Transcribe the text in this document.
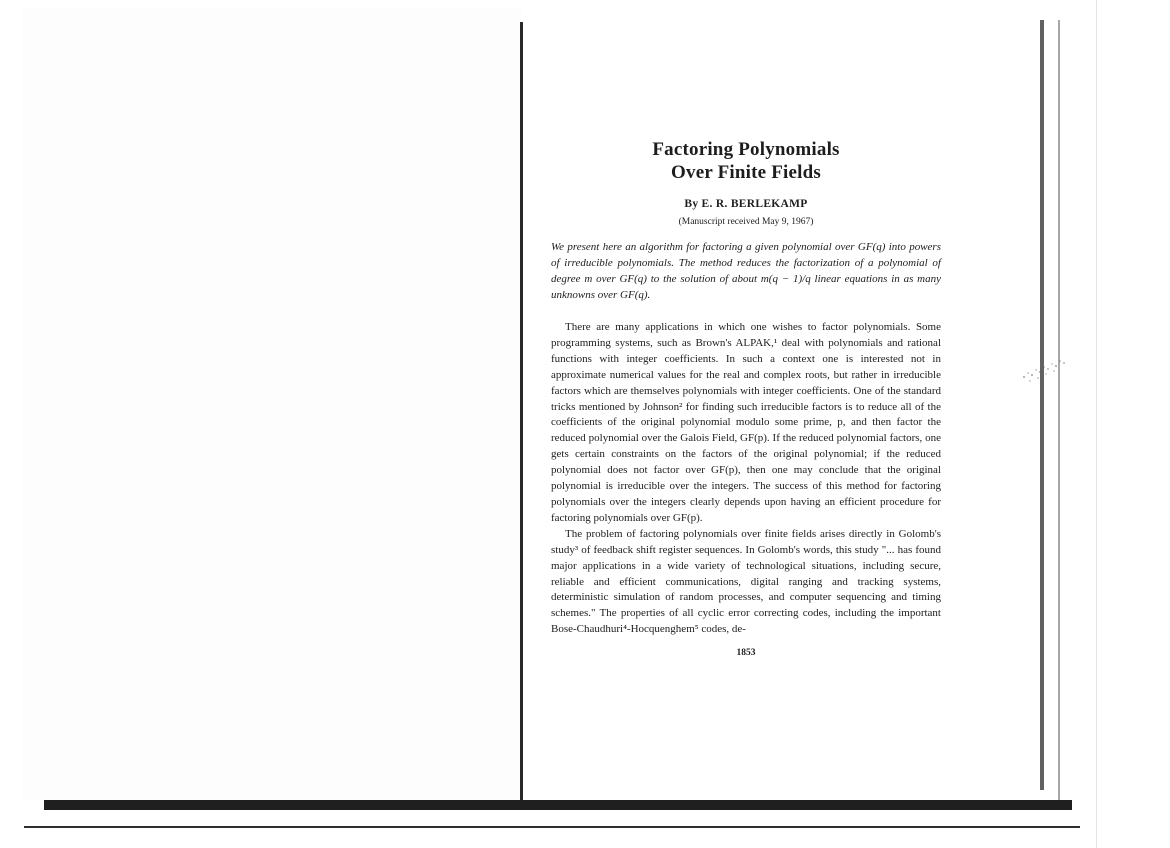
Factoring Polynomials
Over Finite Fields
By E. R. BERLEKAMP
(Manuscript received May 9, 1967)

We present here an algorithm for factoring a given polynomial over GF(q) into powers of irreducible polynomials. The method reduces the factorization of a polynomial of degree m over GF(q) to the solution of about m(q − 1)/q linear equations in as many unknowns over GF(q).

There are many applications in which one wishes to factor polynomials. Some programming systems, such as Brown's ALPAK,¹ deal with polynomials and rational functions with integer coefficients. In such a context one is interested not in approximate numerical values for the real and complex roots, but rather in irreducible factors which are themselves polynomials with integer coefficients. One of the standard tricks mentioned by Johnson² for finding such irreducible factors is to reduce all of the coefficients of the original polynomial modulo some prime, p, and then factor the reduced polynomial over the Galois Field, GF(p). If the reduced polynomial factors, one gets certain constraints on the factors of the original polynomial; if the reduced polynomial does not factor over GF(p), then one may conclude that the original polynomial is irreducible over the integers. The success of this method for factoring polynomials over the integers clearly depends upon having an efficient procedure for factoring polynomials over GF(p).

The problem of factoring polynomials over finite fields arises directly in Golomb's study³ of feedback shift register sequences. In Golomb's words, this study "... has found major applications in a wide variety of technological situations, including secure, reliable and efficient communications, digital ranging and tracking systems, deterministic simulation of random processes, and computer sequencing and timing schemes." The properties of all cyclic error correcting codes, including the important Bose-Chaudhuri⁴-Hocquenghem⁵ codes, de-

1853
